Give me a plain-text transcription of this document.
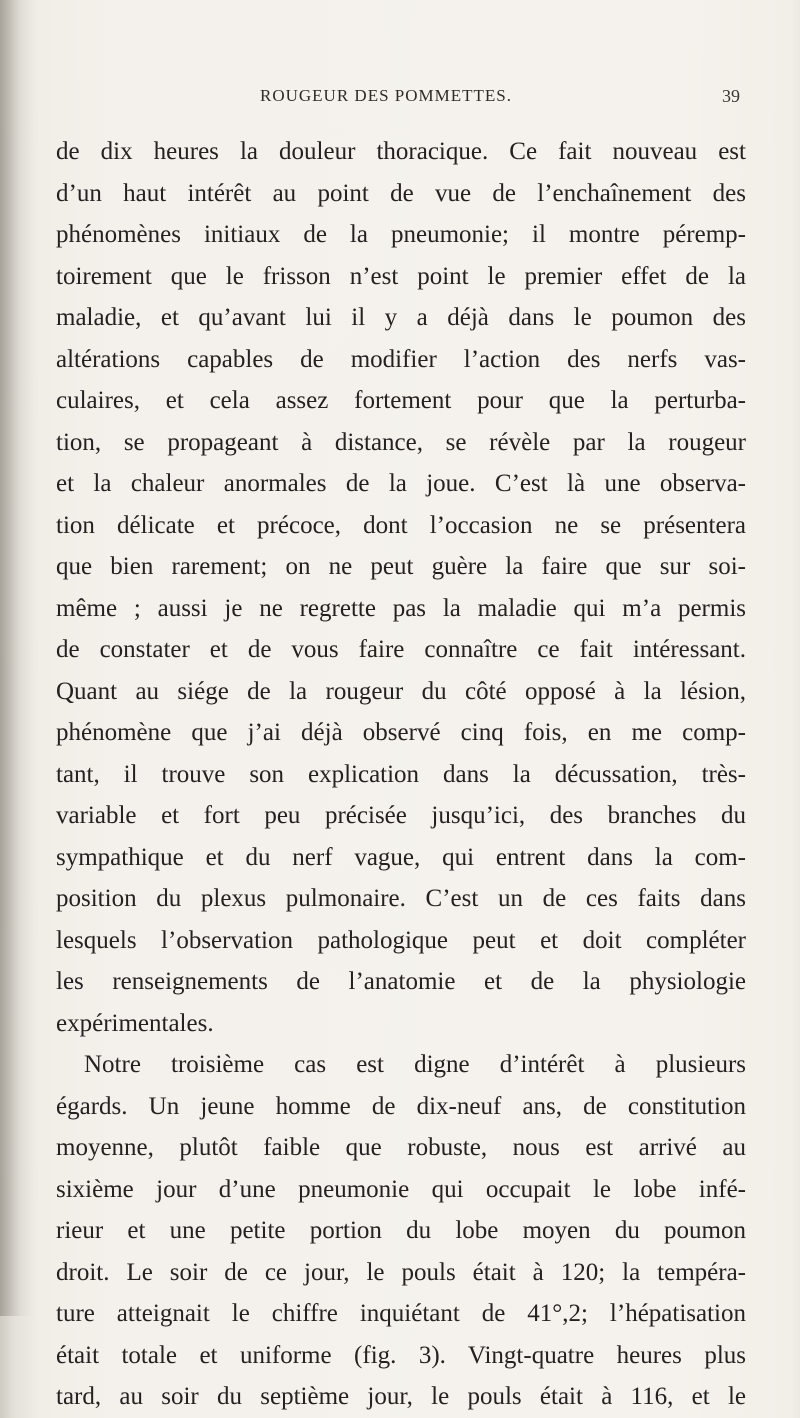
ROUGEUR DES POMMETTES.	39
de dix heures la douleur thoracique. Ce fait nouveau est
d’un haut intérêt au point de vue de l’enchaînement des
phénomènes initiaux de la pneumonie; il montre péremp-
toirement que le frisson n’est point le premier effet de la
maladie, et qu’avant lui il y a déjà dans le poumon des
altérations capables de modifier l’action des nerfs vas-
culaires, et cela assez fortement pour que la perturba-
tion, se propageant à distance, se révèle par la rougeur
et la chaleur anormales de la joue. C’est là une observa-
tion délicate et précoce, dont l’occasion ne se présentera
que bien rarement; on ne peut guère la faire que sur soi-
même ; aussi je ne regrette pas la maladie qui m’a permis
de constater et de vous faire connaître ce fait intéressant.
Quant au siége de la rougeur du côté opposé à la lésion,
phénomène que j’ai déjà observé cinq fois, en me comp-
tant, il trouve son explication dans la décussation, très-
variable et fort peu précisée jusqu’ici, des branches du
sympathique et du nerf vague, qui entrent dans la com-
position du plexus pulmonaire. C’est un de ces faits dans
lesquels l’observation pathologique peut et doit compléter
les renseignements de l’anatomie et de la physiologie
expérimentales.
Notre troisième cas est digne d’intérêt à plusieurs
égards. Un jeune homme de dix-neuf ans, de constitution
moyenne, plutôt faible que robuste, nous est arrivé au
sixième jour d’une pneumonie qui occupait le lobe infé-
rieur et une petite portion du lobe moyen du poumon
droit. Le soir de ce jour, le pouls était à 120; la tempéra-
ture atteignait le chiffre inquiétant de 41°,2; l’hépatisation
était totale et uniforme (fig. 3). Vingt-quatre heures plus
tard, au soir du septième jour, le pouls était à 116, et le
